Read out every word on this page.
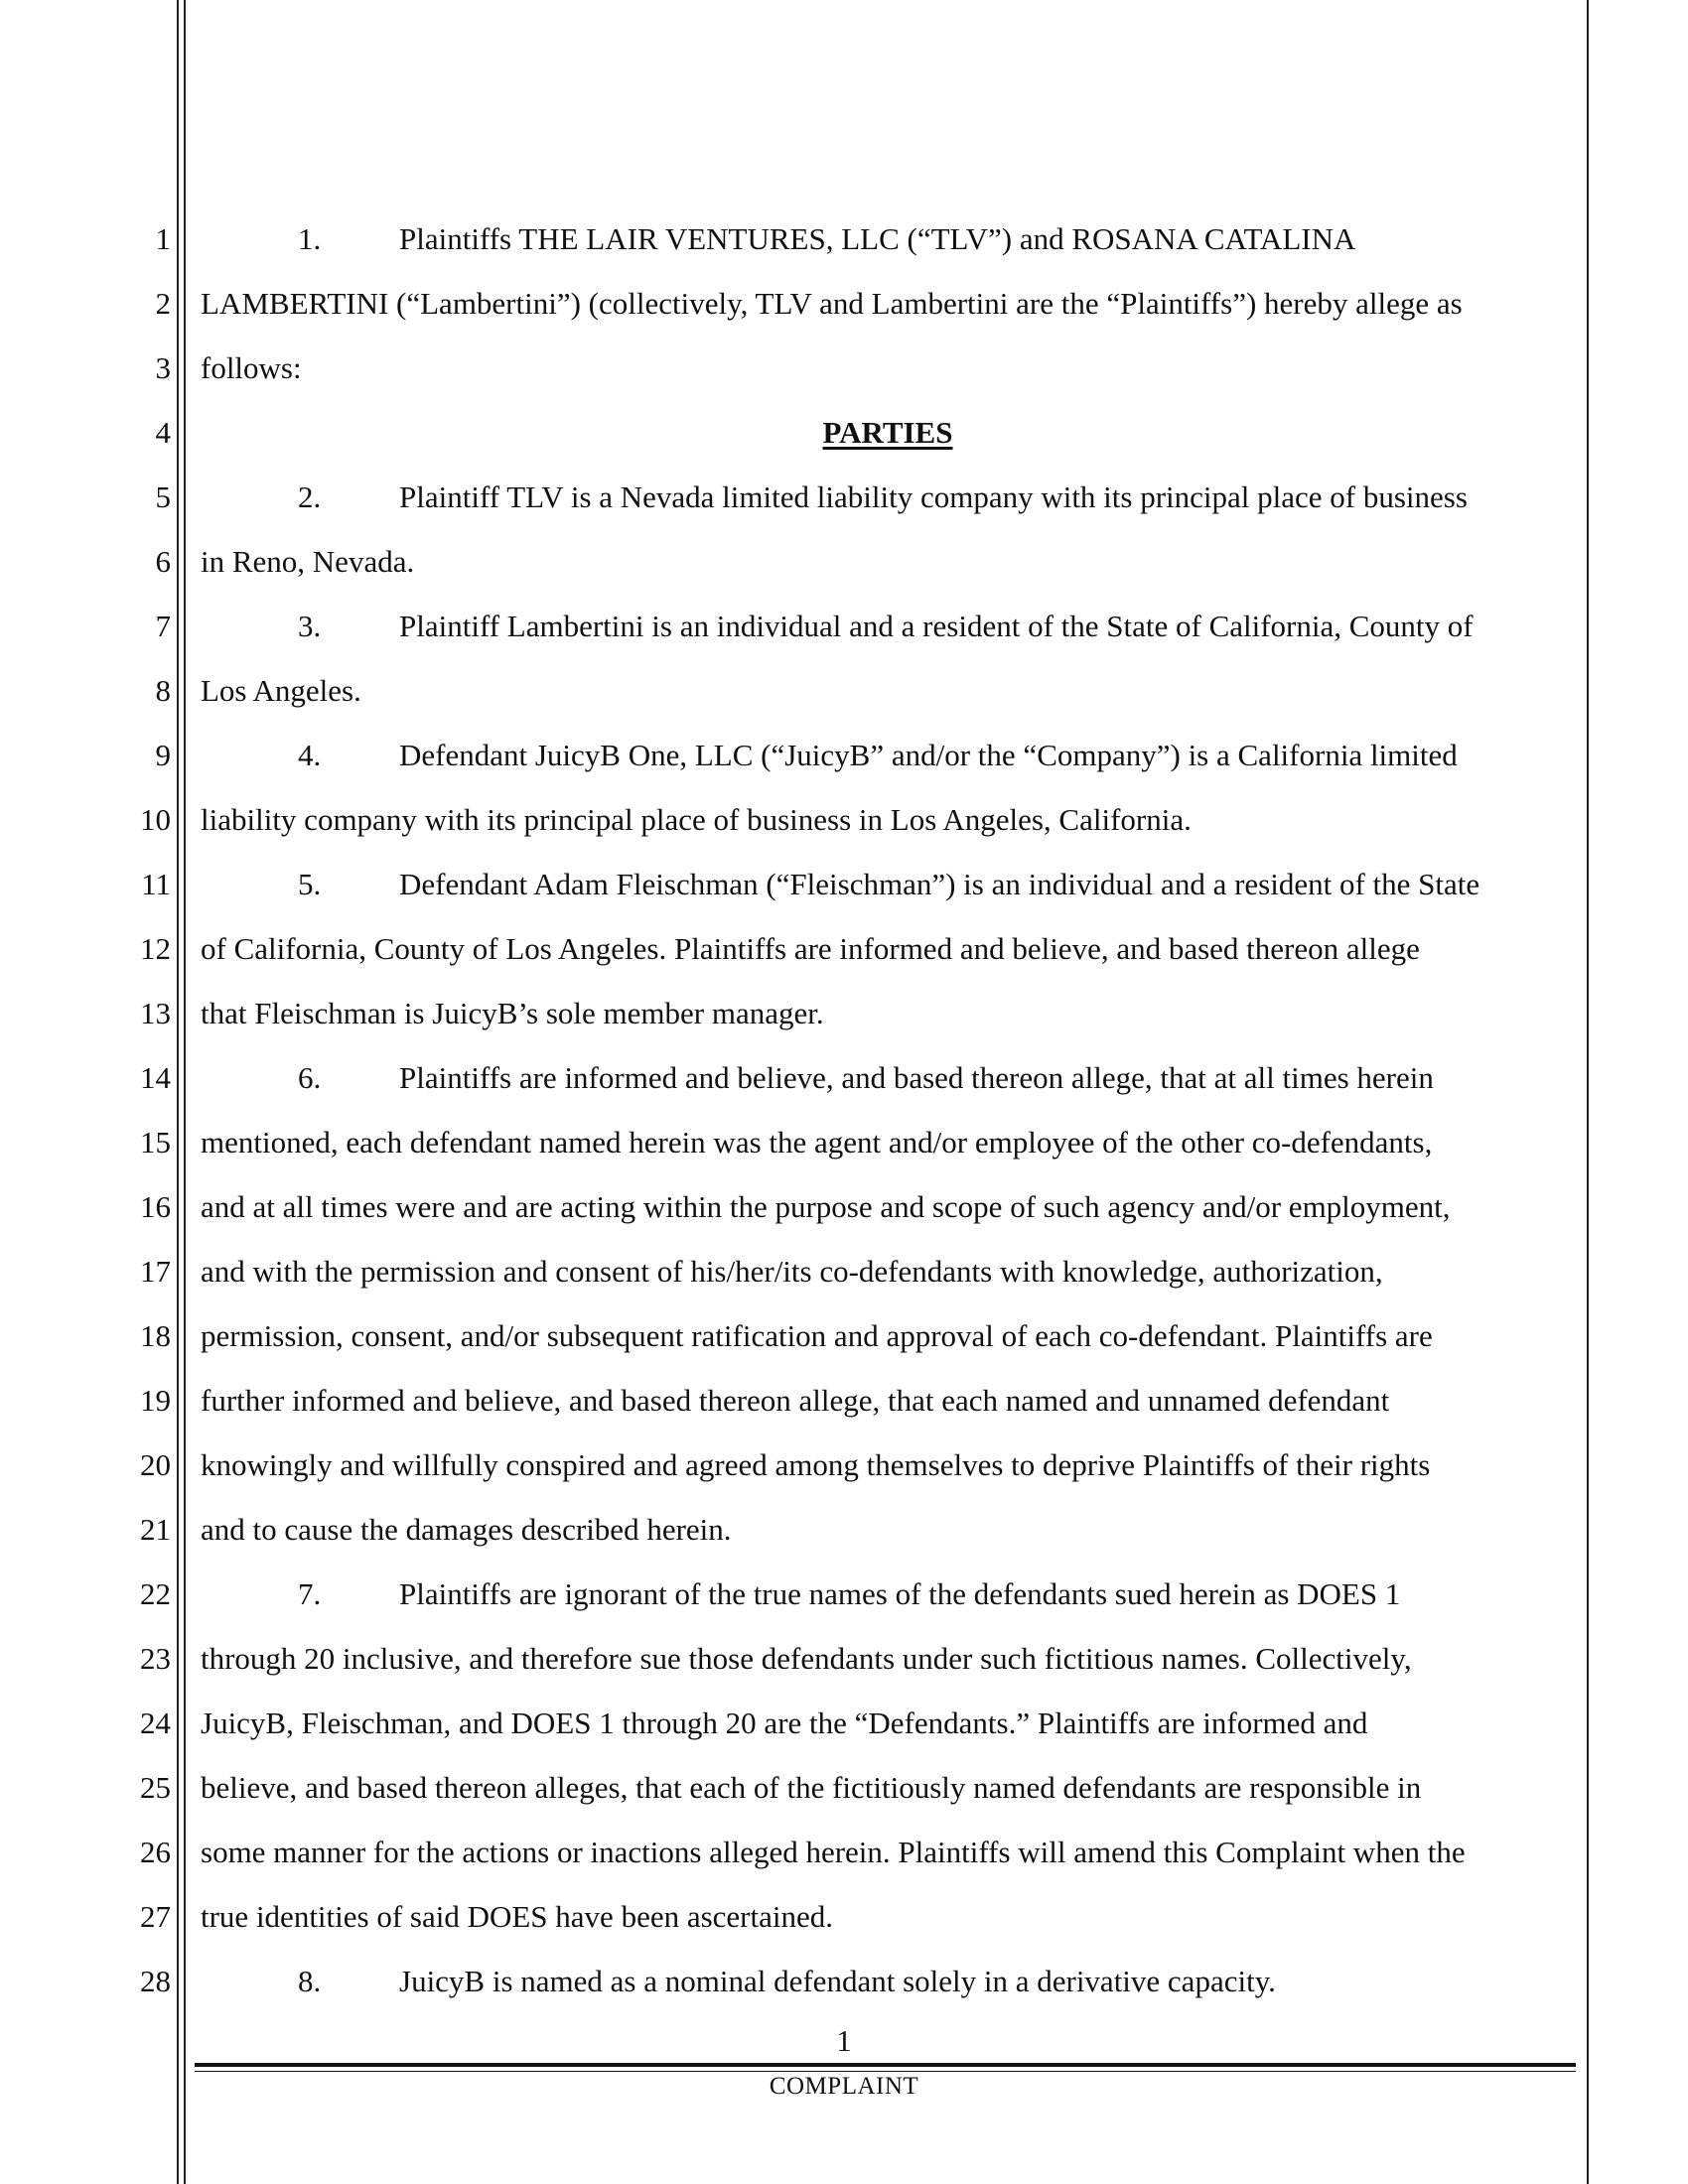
1
2
3
4
5
6
7
8
9
10
11
12
13
14
15
16
17
18
19
20
21
22
23
24
25
26
27
28
1.	Plaintiffs THE LAIR VENTURES, LLC (“TLV”) and ROSANA CATALINA
LAMBERTINI (“Lambertini”) (collectively, TLV and Lambertini are the “Plaintiffs”) hereby allege as
follows:
PARTIES
2.	Plaintiff TLV is a Nevada limited liability company with its principal place of business
in Reno, Nevada.
3.	Plaintiff Lambertini is an individual and a resident of the State of California, County of
Los Angeles.
4.	Defendant JuicyB One, LLC (“JuicyB” and/or the “Company”) is a California limited
liability company with its principal place of business in Los Angeles, California.
5.	Defendant Adam Fleischman (“Fleischman”) is an individual and a resident of the State
of California, County of Los Angeles. Plaintiffs are informed and believe, and based thereon allege
that Fleischman is JuicyB’s sole member manager.
6.	Plaintiffs are informed and believe, and based thereon allege, that at all times herein
mentioned, each defendant named herein was the agent and/or employee of the other co-defendants,
and at all times were and are acting within the purpose and scope of such agency and/or employment,
and with the permission and consent of his/her/its co-defendants with knowledge, authorization,
permission, consent, and/or subsequent ratification and approval of each co-defendant. Plaintiffs are
further informed and believe, and based thereon allege, that each named and unnamed defendant
knowingly and willfully conspired and agreed among themselves to deprive Plaintiffs of their rights
and to cause the damages described herein.
7.	Plaintiffs are ignorant of the true names of the defendants sued herein as DOES 1
through 20 inclusive, and therefore sue those defendants under such fictitious names. Collectively,
JuicyB, Fleischman, and DOES 1 through 20 are the “Defendants.” Plaintiffs are informed and
believe, and based thereon alleges, that each of the fictitiously named defendants are responsible in
some manner for the actions or inactions alleged herein. Plaintiffs will amend this Complaint when the
true identities of said DOES have been ascertained.
8.	JuicyB is named as a nominal defendant solely in a derivative capacity.
1
COMPLAINT
